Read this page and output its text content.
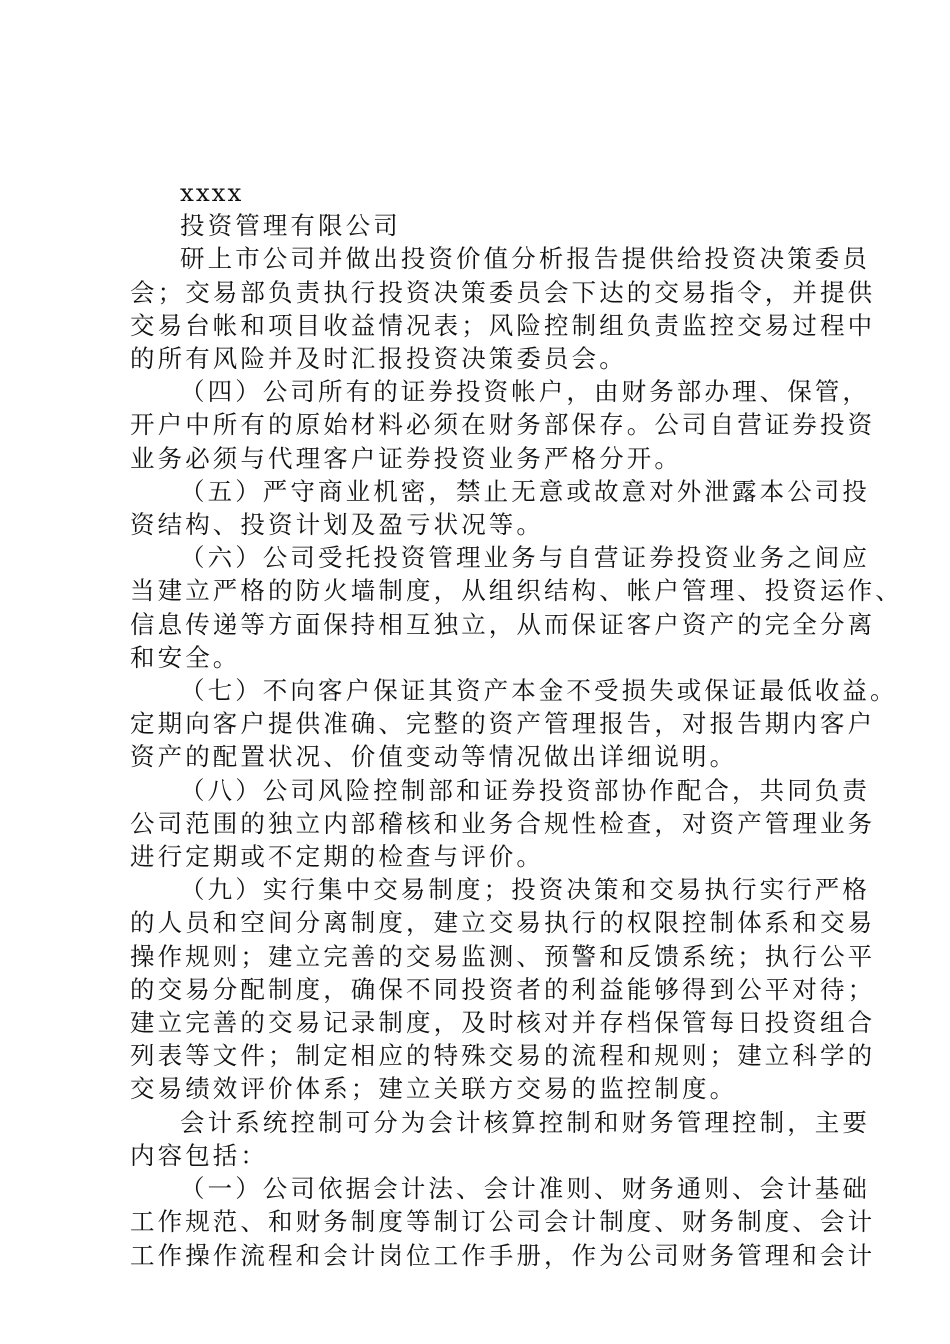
xxxx

投资管理有限公司

研上市公司并做出投资价值分析报告提供给投资决策委员

会；交易部负责执行投资决策委员会下达的交易指令，并提供

交易台帐和项目收益情况表；风险控制组负责监控交易过程中

的所有风险并及时汇报投资决策委员会。

（四）公司所有的证券投资帐户，由财务部办理、保管，

开户中所有的原始材料必须在财务部保存。公司自营证券投资

业务必须与代理客户证券投资业务严格分开。

（五）严守商业机密，禁止无意或故意对外泄露本公司投

资结构、投资计划及盈亏状况等。

（六）公司受托投资管理业务与自营证券投资业务之间应

当建立严格的防火墙制度，从组织结构、帐户管理、投资运作、

信息传递等方面保持相互独立，从而保证客户资产的完全分离

和安全。

（七）不向客户保证其资产本金不受损失或保证最低收益。

定期向客户提供准确、完整的资产管理报告，对报告期内客户

资产的配置状况、价值变动等情况做出详细说明。

（八）公司风险控制部和证券投资部协作配合，共同负责

公司范围的独立内部稽核和业务合规性检查，对资产管理业务

进行定期或不定期的检查与评价。

（九）实行集中交易制度；投资决策和交易执行实行严格

的人员和空间分离制度，建立交易执行的权限控制体系和交易

操作规则；建立完善的交易监测、预警和反馈系统；执行公平

的交易分配制度，确保不同投资者的利益能够得到公平对待；

建立完善的交易记录制度，及时核对并存档保管每日投资组合

列表等文件；制定相应的特殊交易的流程和规则；建立科学的

交易绩效评价体系；建立关联方交易的监控制度。

会计系统控制可分为会计核算控制和财务管理控制，主要

内容包括：

（一）公司依据会计法、会计准则、财务通则、会计基础

工作规范、和财务制度等制订公司会计制度、财务制度、会计

工作操作流程和会计岗位工作手册，作为公司财务管理和会计
